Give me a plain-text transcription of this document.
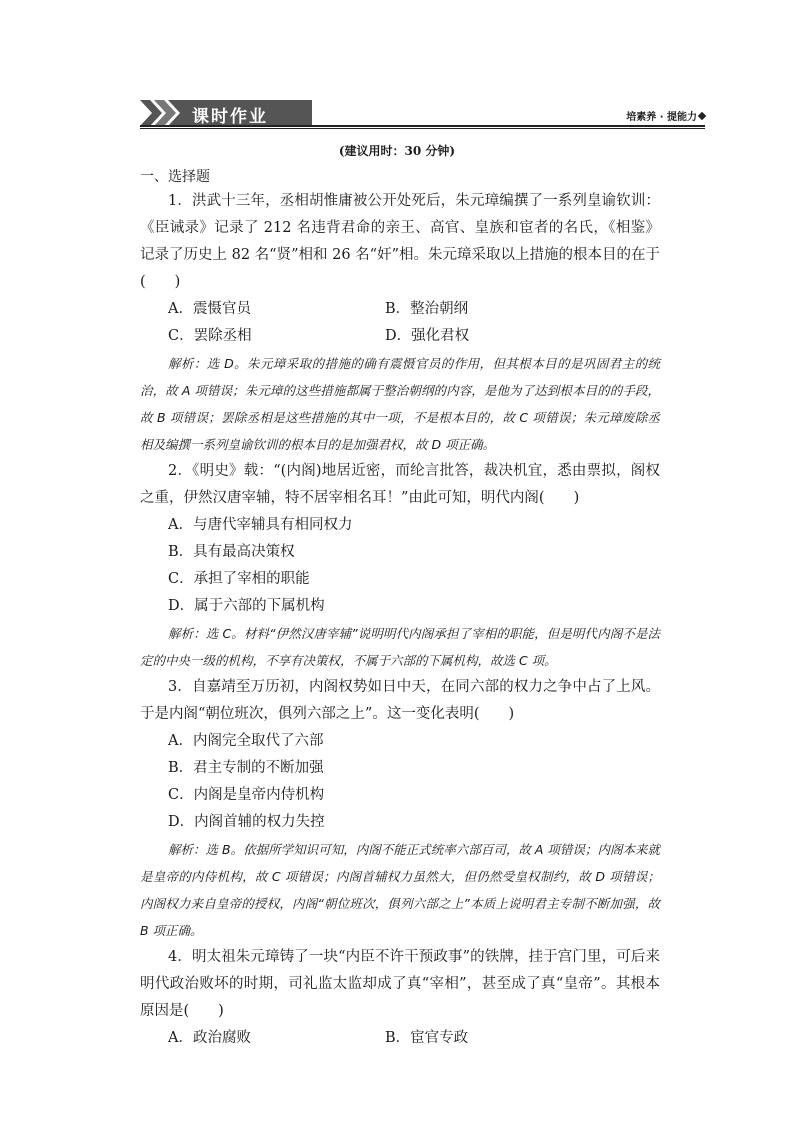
课时作业	培素养 · 提能力
(建议用时：30 分钟)
一、选择题

1．洪武十三年，丞相胡惟庸被公开处死后，朱元璋编撰了一系列皇谕钦训：《臣诫录》记录了 212 名违背君命的亲王、高官、皇族和宦者的名氏，《相鉴》记录了历史上 82 名“贤”相和 26 名“奸”相。朱元璋采取以上措施的根本目的在于(　　)

A．震慑官员	B．整治朝纲
C．罢除丞相	D．强化君权

解析：选 D。朱元璋采取的措施的确有震慑官员的作用，但其根本目的是巩固君主的统治，故 A 项错误；朱元璋的这些措施都属于整治朝纲的内容，是他为了达到根本目的的手段，故 B 项错误；罢除丞相是这些措施的其中一项，不是根本目的，故 C 项错误；朱元璋废除丞相及编撰一系列皇谕钦训的根本目的是加强君权，故 D 项正确。

2．《明史》载：“(内阁)地居近密，而纶言批答，裁决机宜，悉由票拟，阁权之重，伊然汉唐宰辅，特不居宰相名耳！”由此可知，明代内阁(　　)

A．与唐代宰辅具有相同权力

B．具有最高决策权

C．承担了宰相的职能

D．属于六部的下属机构

解析：选 C。材料“伊然汉唐宰辅”说明明代内阁承担了宰相的职能，但是明代内阁不是法定的中央一级的机构，不享有决策权，不属于六部的下属机构，故选 C 项。

3．自嘉靖至万历初，内阁权势如日中天，在同六部的权力之争中占了上风。于是内阁“朝位班次，俱列六部之上”。这一变化表明(　　)

A．内阁完全取代了六部

B．君主专制的不断加强

C．内阁是皇帝内侍机构

D．内阁首辅的权力失控

解析：选 B。依据所学知识可知，内阁不能正式统率六部百司，故 A 项错误；内阁本来就是皇帝的内侍机构，故 C 项错误；内阁首辅权力虽然大，但仍然受皇权制约，故 D 项错误；内阁权力来自皇帝的授权，内阁“朝位班次，俱列六部之上”本质上说明君主专制不断加强，故 B 项正确。

4．明太祖朱元璋铸了一块“内臣不许干预政事”的铁牌，挂于宫门里，可后来明代政治败坏的时期，司礼监太监却成了真“宰相”，甚至成了真“皇帝”。其根本原因是(　　)

A．政治腐败	B．宦官专政
